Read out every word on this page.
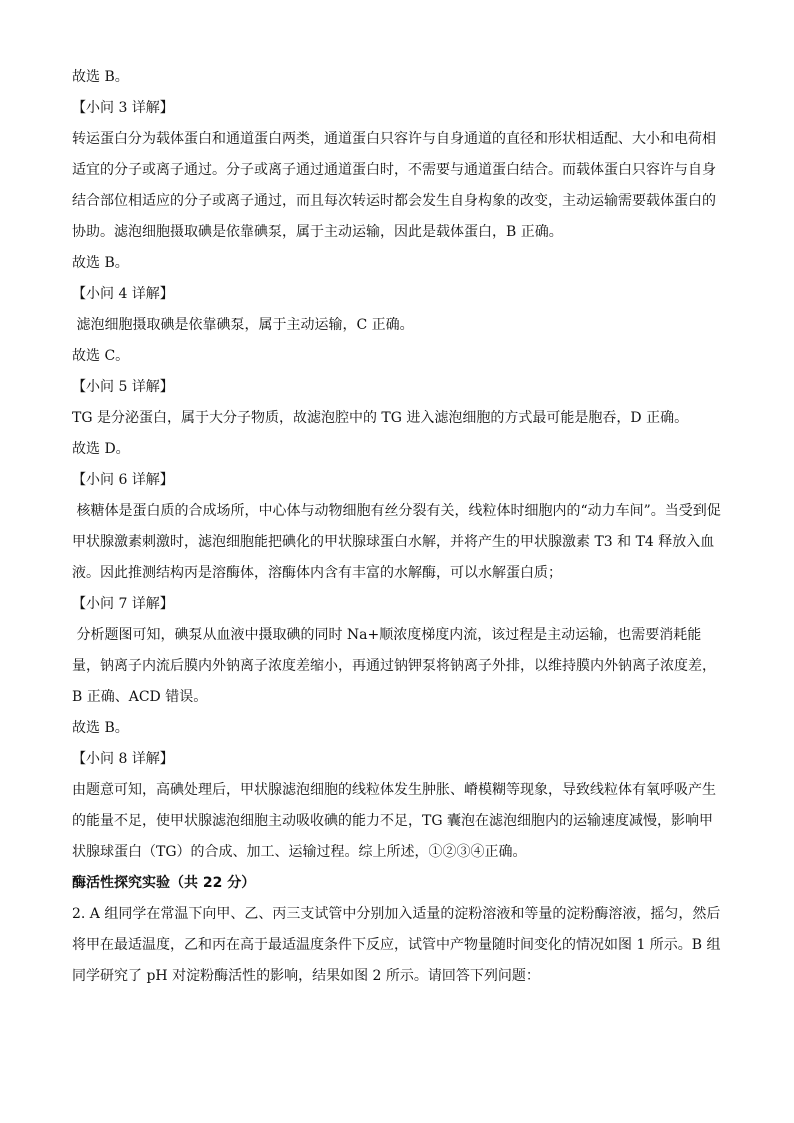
故选 B。
【小问 3 详解】
转运蛋白分为载体蛋白和通道蛋白两类，通道蛋白只容许与自身通道的直径和形状相适配、大小和电荷相
适宜的分子或离子通过。分子或离子通过通道蛋白时，不需要与通道蛋白结合。而载体蛋白只容许与自身
结合部位相适应的分子或离子通过，而且每次转运时都会发生自身构象的改变，主动运输需要载体蛋白的
协助。滤泡细胞摄取碘是依靠碘泵，属于主动运输，因此是载体蛋白，B 正确。
故选 B。
【小问 4 详解】
滤泡细胞摄取碘是依靠碘泵，属于主动运输，C 正确。
故选 C。
【小问 5 详解】
TG 是分泌蛋白，属于大分子物质，故滤泡腔中的 TG 进入滤泡细胞的方式最可能是胞吞，D 正确。
故选 D。
【小问 6 详解】
核糖体是蛋白质的合成场所，中心体与动物细胞有丝分裂有关，线粒体时细胞内的“动力车间”。当受到促
甲状腺激素刺激时，滤泡细胞能把碘化的甲状腺球蛋白水解，并将产生的甲状腺激素 T3 和 T4 释放入血
液。因此推测结构丙是溶酶体，溶酶体内含有丰富的水解酶，可以水解蛋白质；
【小问 7 详解】
分析题图可知，碘泵从血液中摄取碘的同时 Na+顺浓度梯度内流，该过程是主动运输，也需要消耗能
量，钠离子内流后膜内外钠离子浓度差缩小，再通过钠钾泵将钠离子外排，以维持膜内外钠离子浓度差，
B 正确、ACD 错误。
故选 B。
【小问 8 详解】
由题意可知，高碘处理后，甲状腺滤泡细胞的线粒体发生肿胀、嵴模糊等现象，导致线粒体有氧呼吸产生
的能量不足，使甲状腺滤泡细胞主动吸收碘的能力不足，TG 囊泡在滤泡细胞内的运输速度减慢，影响甲
状腺球蛋白（TG）的合成、加工、运输过程。综上所述，①②③④正确。
酶活性探究实验（共 22 分）
2. A 组同学在常温下向甲、乙、丙三支试管中分别加入适量的淀粉溶液和等量的淀粉酶溶液，摇匀，然后
将甲在最适温度，乙和丙在高于最适温度条件下反应，试管中产物量随时间变化的情况如图 1 所示。B 组
同学研究了 pH 对淀粉酶活性的影响，结果如图 2 所示。请回答下列问题：
